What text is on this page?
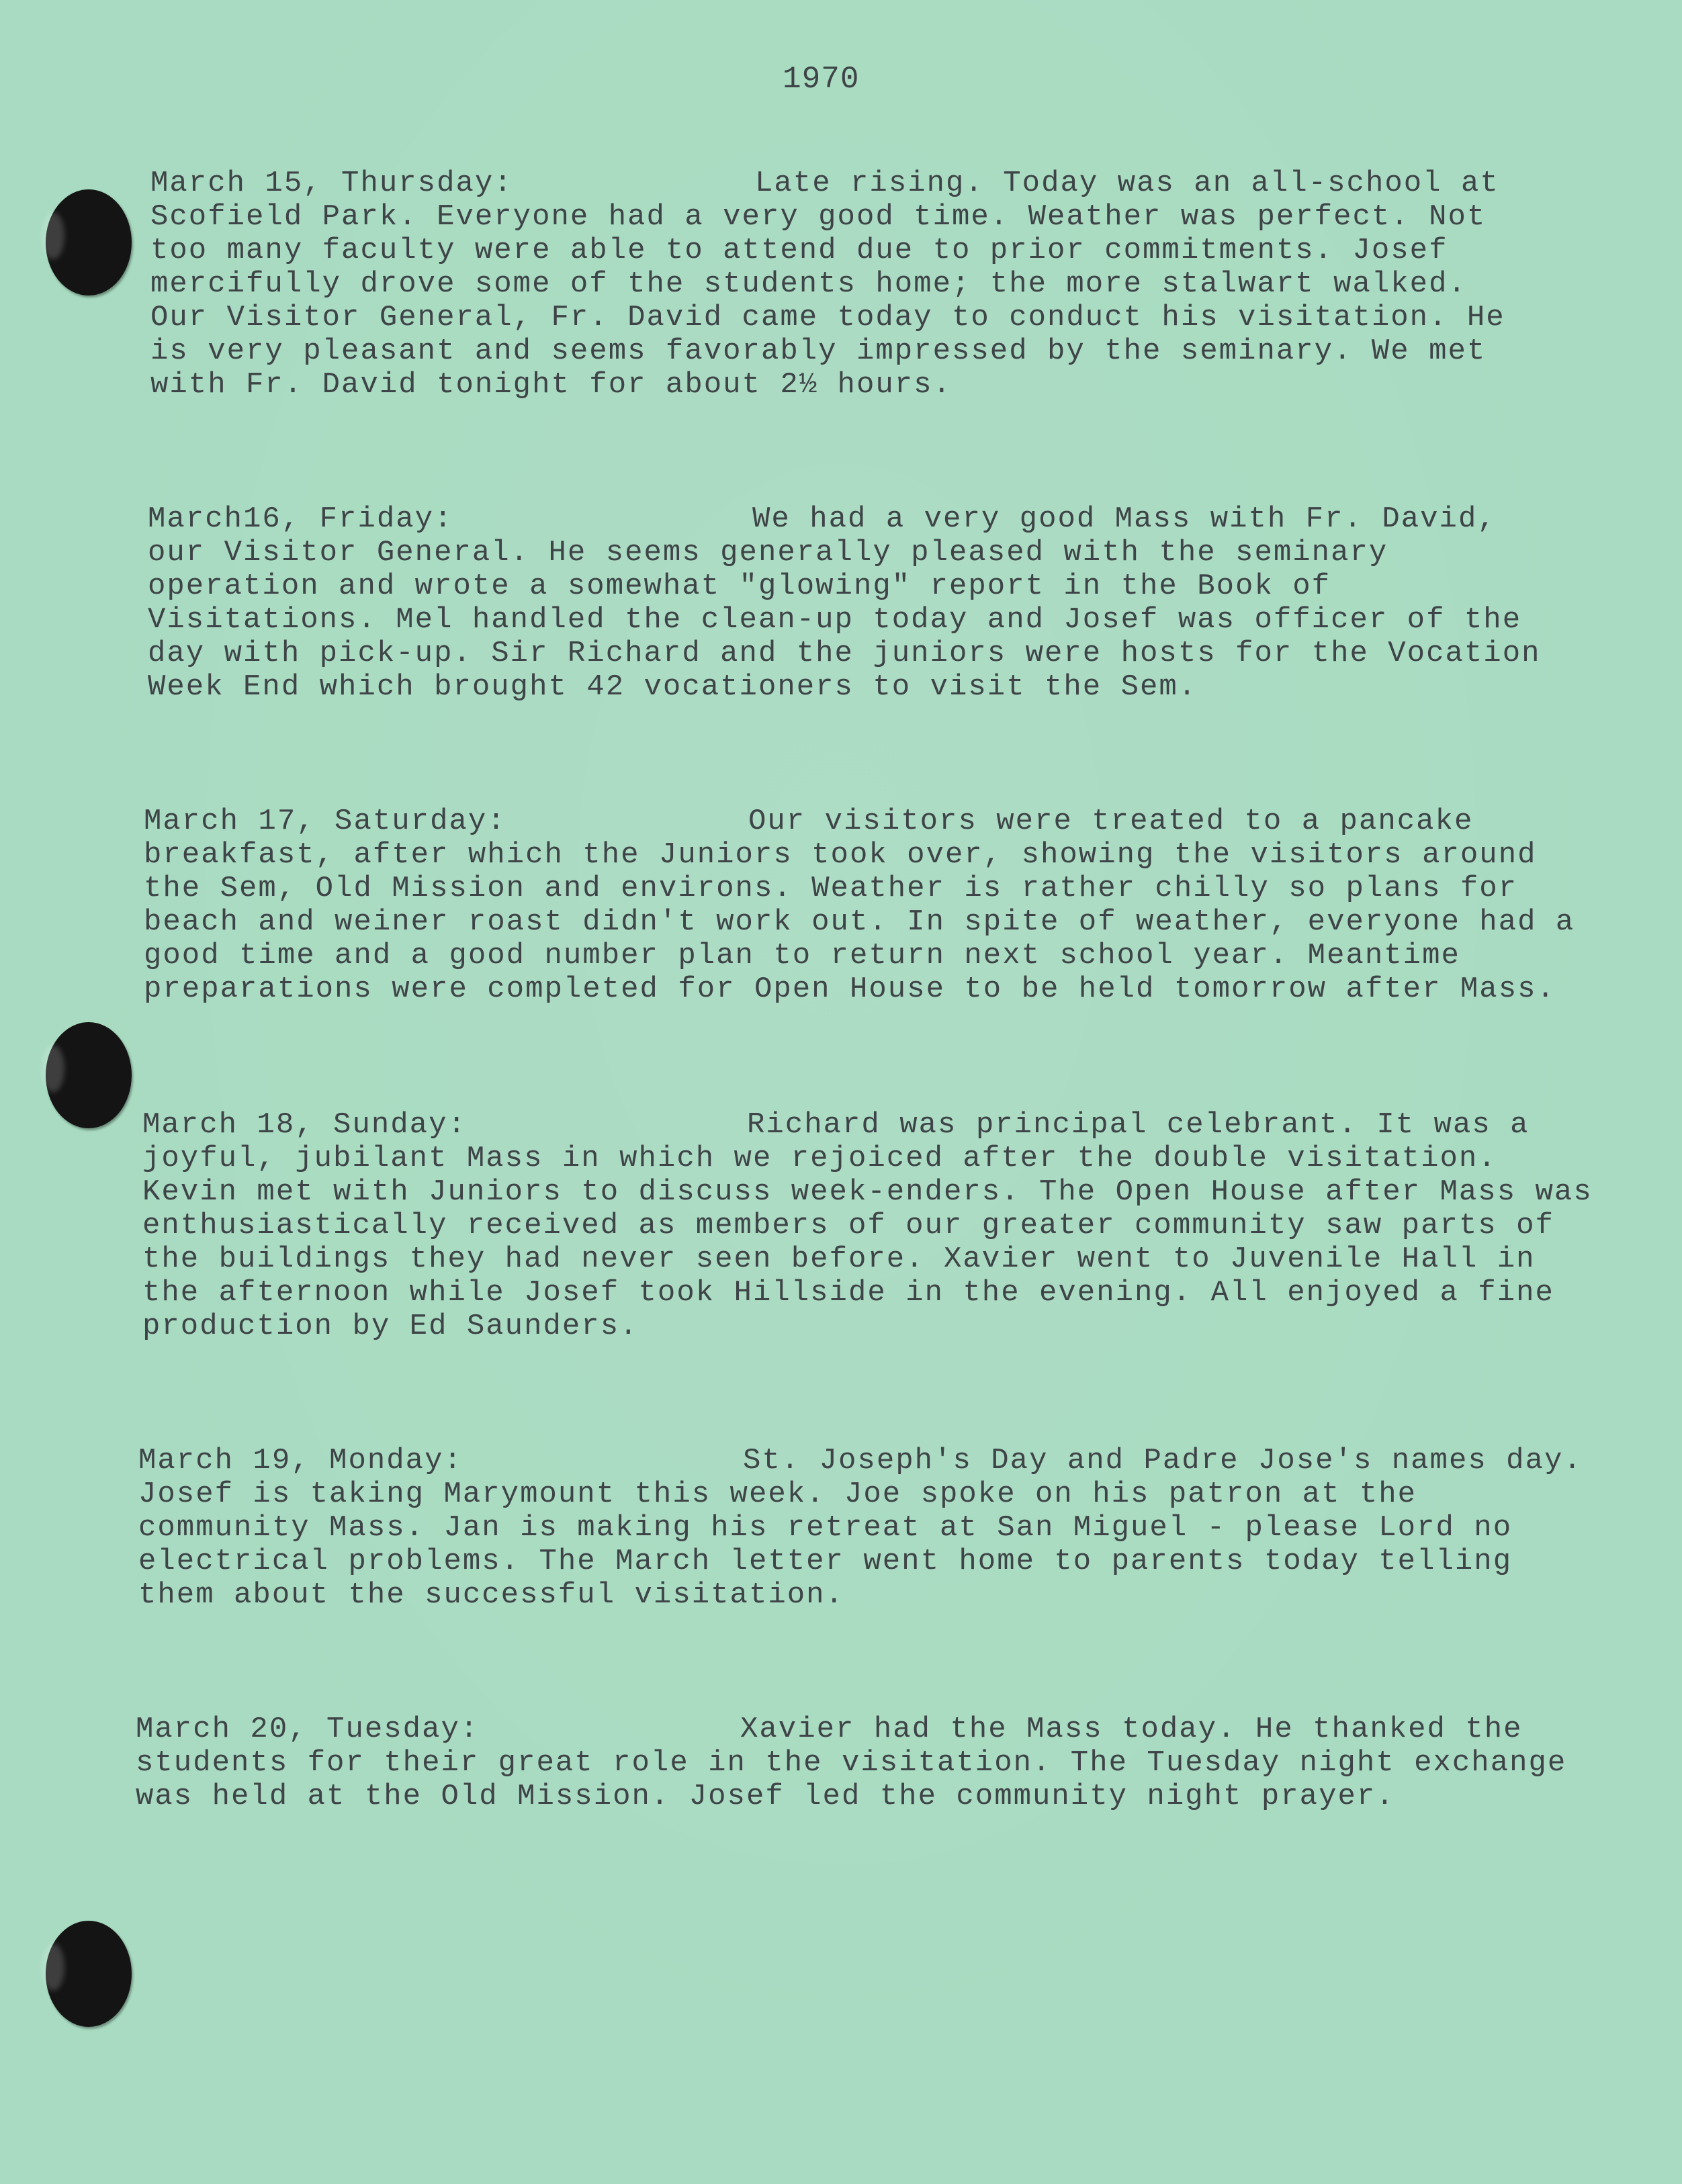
1970
March 15, Thursday:	Late rising. Today was an all-school at Scofield Park. Everyone had a very good time. Weather was perfect. Not too many faculty were able to attend due to prior commitments. Josef mercifully drove some of the students home; the more stalwart walked. Our Visitor General, Fr. David came today to conduct his visitation. He is very pleasant and seems favorably impressed by the seminary. We met with Fr. David tonight for about 2½ hours.
March16, Friday:	We had a very good Mass with Fr. David, our Visitor General. He seems generally pleased with the seminary operation and wrote a somewhat "glowing" report in the Book of Visitations. Mel handled the clean-up today and Josef was officer of the day with pick-up. Sir Richard and the juniors were hosts for the Vocation Week End which brought 42 vocationers to visit the Sem.
March 17, Saturday:	Our visitors were treated to a pancake breakfast, after which the Juniors took over, showing the visitors around the Sem, Old Mission and environs. Weather is rather chilly so plans for beach and weiner roast didn't work out. In spite of weather, everyone had a good time and a good number plan to return next school year. Meantime preparations were completed for Open House to be held tomorrow after Mass.
March 18, Sunday:	Richard was principal celebrant. It was a joyful, jubilant Mass in which we rejoiced after the double visitation. Kevin met with Juniors to discuss week-enders. The Open House after Mass was enthusiastically received as members of our greater community saw parts of the buildings they had never seen before. Xavier went to Juvenile Hall in the afternoon while Josef took Hillside in the evening. All enjoyed a fine production by Ed Saunders.
March 19, Monday:	St. Joseph's Day and Padre Jose's names day. Josef is taking Marymount this week. Joe spoke on his patron at the community Mass. Jan is making his retreat at San Miguel - please Lord no electrical problems. The March letter went home to parents today telling them about the successful visitation.
March 20, Tuesday:	Xavier had the Mass today. He thanked the students for their great role in the visitation. The Tuesday night exchange was held at the Old Mission. Josef led the community night prayer.
